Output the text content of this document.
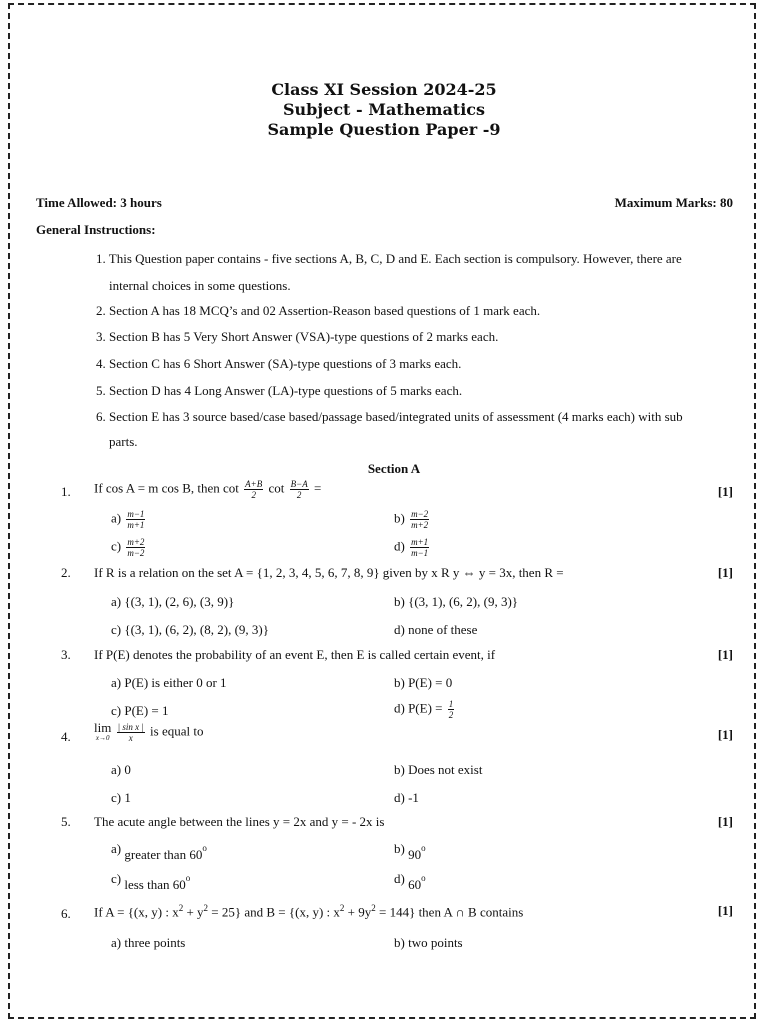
Class XI Session 2024-25
Subject - Mathematics
Sample Question Paper -9
Time Allowed: 3 hours	Maximum Marks: 80
General Instructions:
1. This Question paper contains - five sections A, B, C, D and E. Each section is compulsory. However, there are
internal choices in some questions.
2. Section A has 18 MCQ’s and 02 Assertion-Reason based questions of 1 mark each.
3. Section B has 5 Very Short Answer (VSA)-type questions of 2 marks each.
4. Section C has 6 Short Answer (SA)-type questions of 3 marks each.
5. Section D has 4 Long Answer (LA)-type questions of 5 marks each.
6. Section E has 3 source based/case based/passage based/integrated units of assessment (4 marks each) with sub
parts.
Section A
1. If cos A = m cos B, then $\cot \frac{A+B}{2}$ $\cot \frac{B-A}{2}$ =	[1]
$a) \frac{m-1}{m+1}$	$b) \frac{m-2}{m+2}$
$c) \frac{m+2}{m-2}$	$d) \frac{m+1}{m-1}$
2. If R is a relation on the set A = {1, 2, 3, 4, 5, 6, 7, 8, 9} given by x R y ⇔ y = 3x, then R =	[1]
a) {(3, 1), (2, 6), (3, 9)}	b) {(3, 1), (6, 2), (9, 3)}
c) {(3, 1), (6, 2), (8, 2), (9, 3)}	d) none of these
3. If P(E) denotes the probability of an event E, then E is called certain event, if	[1]
a) P(E) is either 0 or 1	b) P(E) = 0
c) P(E) = 1	d) $P(E) = \frac{1}{2}$
4.
lim
x→0
$\frac{\text{| sin x |}}{x}$ is equal to	[1]
a) 0	b) Does not exist
c) 1	d) -1
5. The acute angle between the lines y = 2x and y = - 2x is	[1]
a) greater than 60$^o$	b) 90$^o$
c) less than 60$^o$	d) 60$^o$
6. If A = {(x, y) : $x^2 + y^2 = 25$} and B = {(x, y) : $x^2 + 9y^2 = 144$} then A ∩ B contains	[1]
a) three points	b) two points
